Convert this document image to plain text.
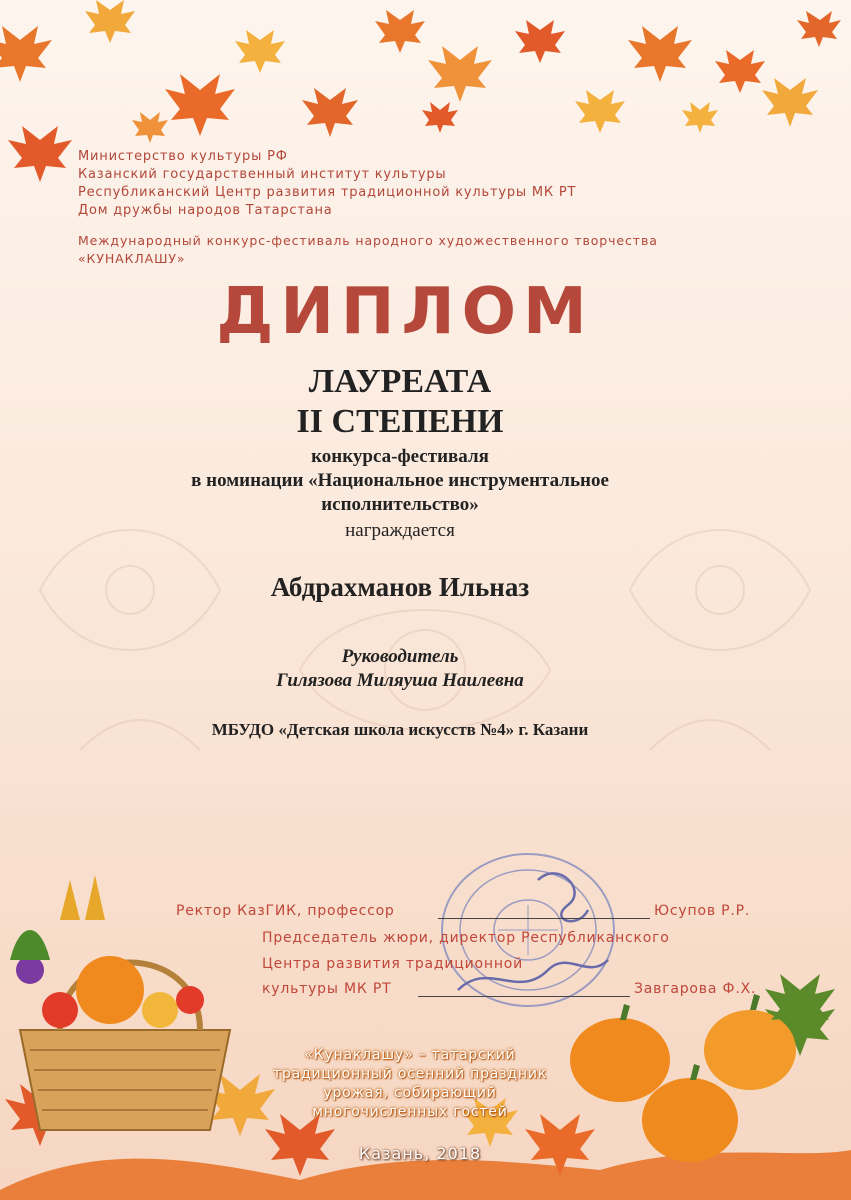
Министерство культуры РФ
Казанский государственный институт культуры
Республиканский Центр развития традиционной культуры МК РТ
Дом дружбы народов Татарстана
Международный конкурс-фестиваль народного художественного творчества
«КУНАКЛАШУ»
ДИПЛОМ
ЛАУРЕАТА
II СТЕПЕНИ
конкурса-фестиваля
в номинации «Национальное инструментальное
исполнительство»
награждается
Абдрахманов Ильназ
Руководитель
Гилязова Миляуша Наилевна
МБУДО «Детская школа искусств №4» г. Казани
Ректор КазГИК, профессор	Юсупов Р.Р.
Председатель жюри, директор Республиканского
Центра развития традиционной
культуры МК РТ	Завгарова Ф.Х.
«Кунаклашу» – татарский
традиционный осенний праздник
урожая, собирающий
многочисленных гостей
Казань, 2018
